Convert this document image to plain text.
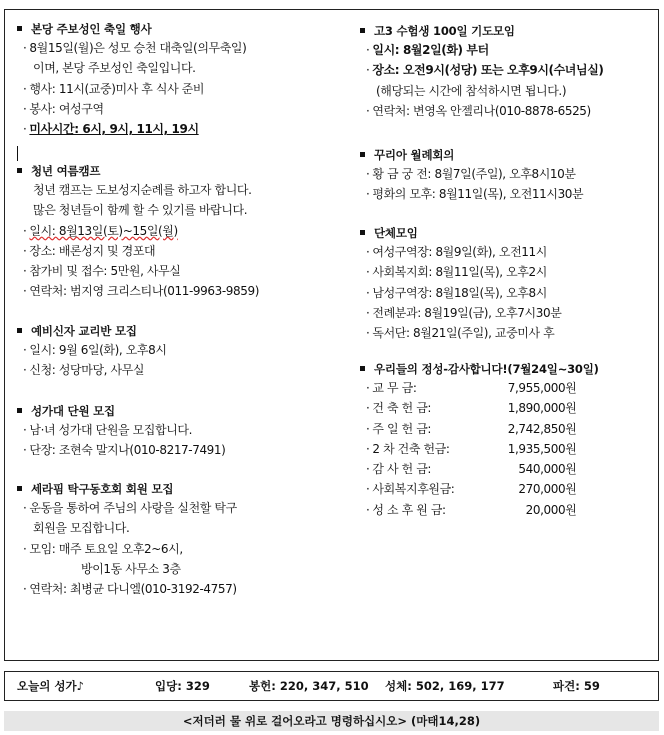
본당 주보성인 축일 행사
· 8월15일(월)은 성모 승천 대축일(의무축일)
이며, 본당 주보성인 축일입니다.
· 행사: 11시(교중)미사 후 식사 준비
· 봉사: 여성구역
· 미사시간: 6시, 9시, 11시, 19시
청년 여름캠프
청년 캠프는 도보성지순례를 하고자 합니다.
많은 청년들이 함께 할 수 있기를 바랍니다.
· 일시: 8월13일(토)~15일(월)
· 장소: 배론성지 및 경포대
· 참가비 및 접수: 5만원, 사무실
· 연락처: 범지영 크리스티나(011-9963-9859)
예비신자 교리반 모집
· 일시: 9월 6일(화), 오후8시
· 신청: 성당마당, 사무실
성가대 단원 모집
· 남·녀 성가대 단원을 모집합니다.
· 단장: 조현숙 말지나(010-8217-7491)
세라핌 탁구동호회 회원 모집
· 운동을 통하여 주님의 사랑을 실천할 탁구
회원을 모집합니다.
· 모임: 매주 토요일 오후2~6시,
방이1동 사무소 3층
· 연락처: 최병균 다니엘(010-3192-4757)
고3 수험생 100일 기도모임
· 일시: 8월2일(화) 부터
· 장소: 오전9시(성당) 또는 오후9시(수녀님실)
(해당되는 시간에 참석하시면 됩니다.)
· 연락처: 변영옥 안젤리나(010-8878-6525)
꾸리아 월례회의
· 황 금 궁 전: 8월7일(주일), 오후8시10분
· 평화의 모후: 8월11일(목), 오전11시30분
단체모임
· 여성구역장: 8월9일(화), 오전11시
· 사회복지회: 8월11일(목), 오후2시
· 남성구역장: 8월18일(목), 오후8시
· 전례분과: 8월19일(금), 오후7시30분
· 독서단: 8월21일(주일), 교중미사 후
우리들의 정성-감사합니다!(7월24일~30일)
· 교 무 금:	7,955,000원
· 건 축 헌 금:	1,890,000원
· 주 일 헌 금:	2,742,850원
· 2 차 건축 헌금:	1,935,500원
· 감 사 헌 금:	540,000원
· 사회복지후원금:	270,000원
· 성 소 후 원 금:	20,000원
오늘의 성가♪	입당: 329	봉헌: 220, 347, 510 성체: 502, 169, 177	파견: 59
<저더러 물 위로 걸어오라고 명령하십시오> (마태14,28)
